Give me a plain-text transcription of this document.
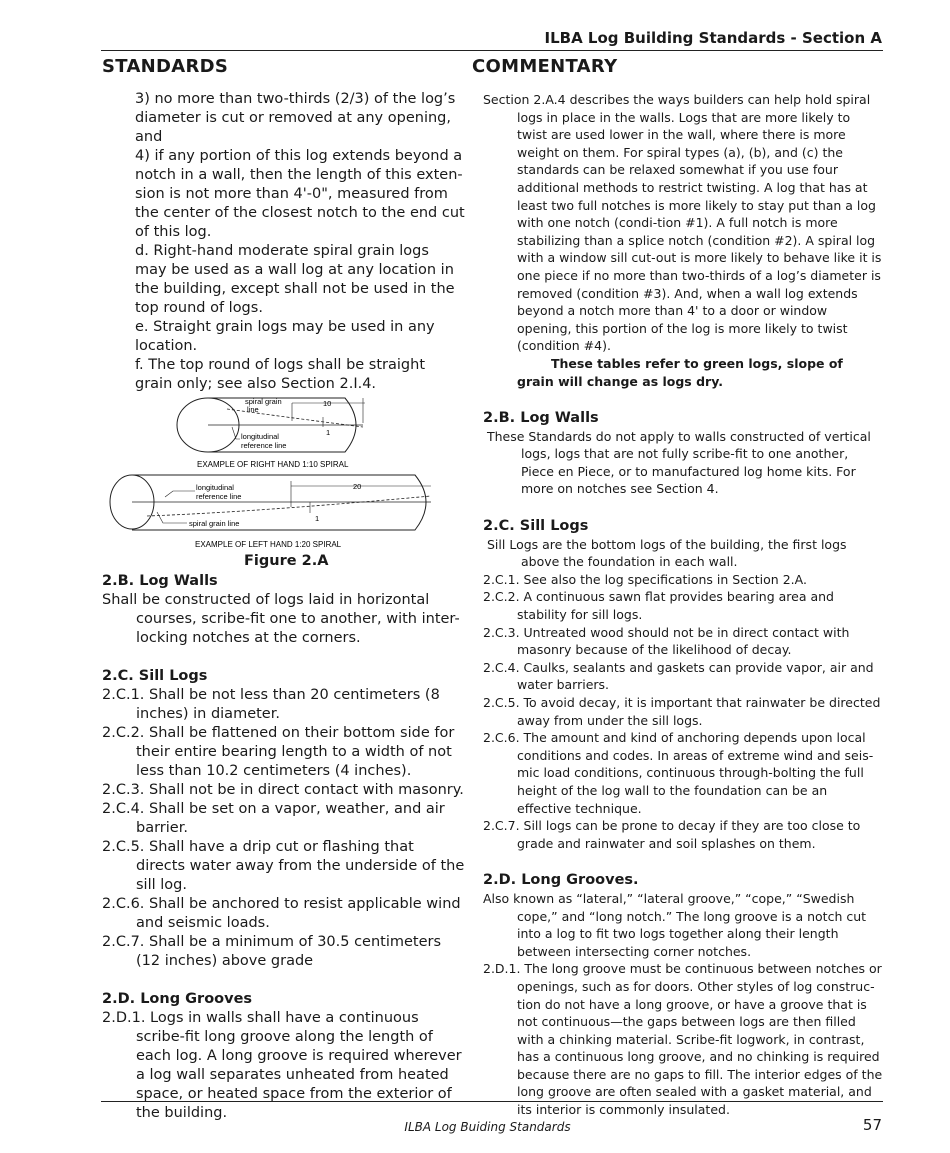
ILBA Log Building Standards - Section A
STANDARDS	COMMENTARY

3) no more than two-thirds (2/3) of the log’s diameter is cut or removed at any opening, and

4) if any portion of this log extends beyond a notch in a wall, then the length of this exten-sion is not more than 4'-0", measured from the center of the closest notch to the end cut of this log.

d. Right-hand moderate spiral grain logs may be used as a wall log at any location in the building, except shall not be used in the top round of logs.

e. Straight grain logs may be used in any location.

f. The top round of logs shall be straight grain only; see also Section 2.I.4.

spiral grain
line
10
1
longitudinal
reference line
EXAMPLE OF RIGHT HAND 1:10 SPIRAL
longitudinal
reference line
20
1
spiral grain line
EXAMPLE OF LEFT HAND 1:20 SPIRAL
Figure 2.A

2.B. Log Walls

Shall be constructed of logs laid in horizontal courses, scribe-fit one to another, with inter-locking notches at the corners.

2.C. Sill Logs

2.C.1. Shall be not less than 20 centimeters (8 inches) in diameter.

2.C.2. Shall be flattened on their bottom side for their entire bearing length to a width of not less than 10.2 centimeters (4 inches).

2.C.3. Shall not be in direct contact with masonry.

2.C.4. Shall be set on a vapor, weather, and air barrier.

2.C.5. Shall have a drip cut or flashing that directs water away from the underside of the sill log.

2.C.6. Shall be anchored to resist applicable wind and seismic loads.

2.C.7. Shall be a minimum of 30.5 centimeters (12 inches) above grade

2.D. Long Grooves

2.D.1. Logs in walls shall have a continuous scribe-fit long groove along the length of each log. A long groove is required wherever a log wall separates unheated from heated space, or heated space from the exterior of the building.

Section 2.A.4 describes the ways builders can help hold spiral logs in place in the walls. Logs that are more likely to twist are used lower in the wall, where there is more weight on them. For spiral types (a), (b), and (c) the standards can be relaxed somewhat if you use four additional methods to restrict twisting. A log that has at least two full notches is more likely to stay put than a log with one notch (condi-tion #1). A full notch is more stabilizing than a splice notch (condition #2). A spiral log with a window sill cut-out is more likely to behave like it is one piece if no more than two-thirds of a log’s diameter is removed (condition #3). And, when a wall log extends beyond a notch more than 4' to a door or window opening, this portion of the log is more likely to twist (condition #4).

These tables refer to green logs, slope of grain will change as logs dry.

2.B. Log Walls

These Standards do not apply to walls constructed of vertical logs, logs that are not fully scribe-fit to one another, Piece en Piece, or to manufactured log home kits. For more on notches see Section 4.

2.C. Sill Logs

Sill Logs are the bottom logs of the building, the first logs above the foundation in each wall.

2.C.1. See also the log specifications in Section 2.A.

2.C.2. A continuous sawn flat provides bearing area and stability for sill logs.

2.C.3. Untreated wood should not be in direct contact with masonry because of the likelihood of decay.

2.C.4. Caulks, sealants and gaskets can provide vapor, air and water barriers.

2.C.5. To avoid decay, it is important that rainwater be directed away from under the sill logs.

2.C.6. The amount and kind of anchoring depends upon local conditions and codes. In areas of extreme wind and seis-mic load conditions, continuous through-bolting the full height of the log wall to the foundation can be an effective technique.

2.C.7. Sill logs can be prone to decay if they are too close to grade and rainwater and soil splashes on them.

2.D. Long Grooves.

Also known as “lateral,” “lateral groove,” “cope,” “Swedish cope,” and “long notch.” The long groove is a notch cut into a log to fit two logs together along their length between intersecting corner notches.

2.D.1. The long groove must be continuous between notches or openings, such as for doors. Other styles of log construc-tion do not have a long groove, or have a groove that is not continuous—the gaps between logs are then filled with a chinking material. Scribe-fit logwork, in contrast, has a continuous long groove, and no chinking is required because there are no gaps to fill. The interior edges of the long groove are often sealed with a gasket material, and its interior is commonly insulated.

ILBA Log Buiding Standards	57
